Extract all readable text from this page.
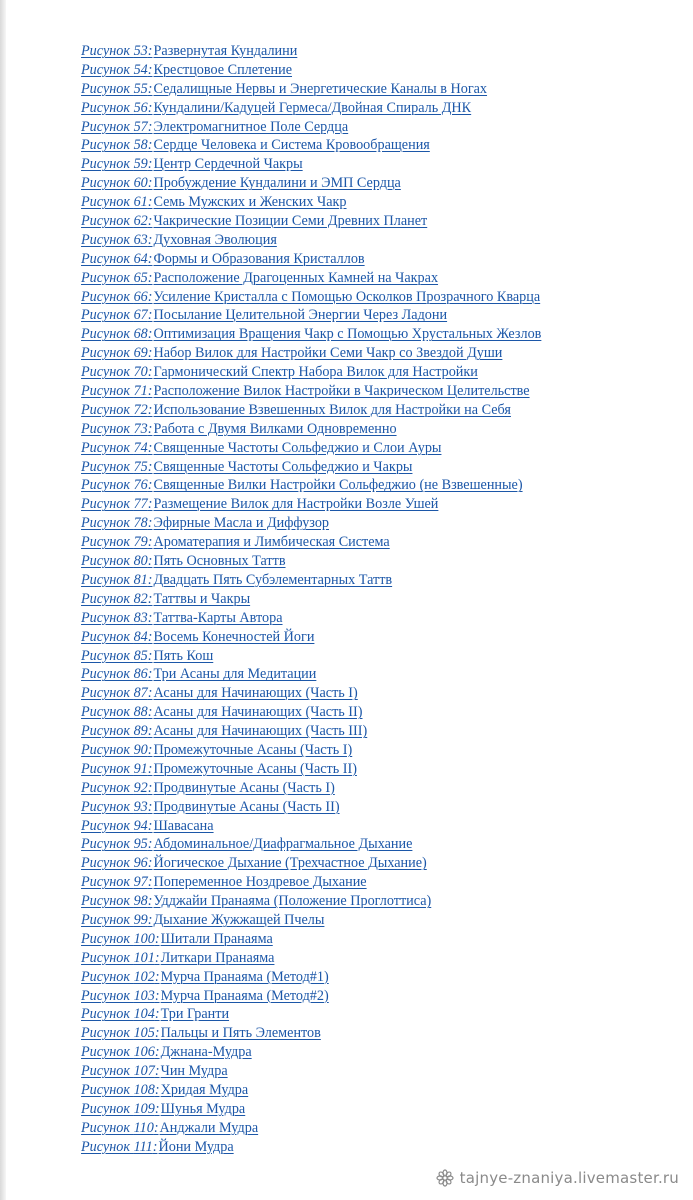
Рисунок 53:Развернутая Кундалини
Рисунок 54:Крестцовое Сплетение
Рисунок 55:Седалищные Нервы и Энергетические Каналы в Ногах
Рисунок 56:Кундалини/Кадуцей Гермеса/Двойная Спираль ДНК
Рисунок 57:Электромагнитное Поле Сердца
Рисунок 58:Сердце Человека и Система Кровообращения
Рисунок 59:Центр Сердечной Чакры
Рисунок 60:Пробуждение Кундалини и ЭМП Сердца
Рисунок 61:Семь Мужских и Женских Чакр
Рисунок 62:Чакрические Позиции Семи Древних Планет
Рисунок 63:Духовная Эволюция
Рисунок 64:Формы и Образования Кристаллов
Рисунок 65:Расположение Драгоценных Камней на Чакрах
Рисунок 66:Усиление Кристалла с Помощью Осколков Прозрачного Кварца
Рисунок 67:Посылание Целительной Энергии Через Ладони
Рисунок 68:Оптимизация Вращения Чакр с Помощью Хрустальных Жезлов
Рисунок 69:Набор Вилок для Настройки Семи Чакр со Звездой Души
Рисунок 70:Гармонический Спектр Набора Вилок для Настройки
Рисунок 71:Расположение Вилок Настройки в Чакрическом Целительстве
Рисунок 72:Использование Взвешенных Вилок для Настройки на Себя
Рисунок 73:Работа с Двумя Вилками Одновременно
Рисунок 74:Священные Частоты Сольфеджио и Слои Ауры
Рисунок 75:Священные Частоты Сольфеджио и Чакры
Рисунок 76:Священные Вилки Настройки Сольфеджио (не Взвешенные)
Рисунок 77:Размещение Вилок для Настройки Возле Ушей
Рисунок 78:Эфирные Масла и Диффузор
Рисунок 79:Ароматерапия и Лимбическая Система
Рисунок 80:Пять Основных Таттв
Рисунок 81:Двадцать Пять Субэлементарных Таттв
Рисунок 82:Таттвы и Чакры
Рисунок 83:Таттва-Карты Автора
Рисунок 84:Восемь Конечностей Йоги
Рисунок 85:Пять Кош
Рисунок 86:Три Асаны для Медитации
Рисунок 87:Асаны для Начинающих (Часть I)
Рисунок 88:Асаны для Начинающих (Часть II)
Рисунок 89:Асаны для Начинающих (Часть III)
Рисунок 90:Промежуточные Асаны (Часть I)
Рисунок 91:Промежуточные Асаны (Часть II)
Рисунок 92:Продвинутые Асаны (Часть I)
Рисунок 93:Продвинутые Асаны (Часть II)
Рисунок 94:Шавасана
Рисунок 95:Абдоминальное/Диафрагмальное Дыхание
Рисунок 96:Йогическое Дыхание (Трехчастное Дыхание)
Рисунок 97:Попеременное Ноздревое Дыхание
Рисунок 98:Удджайи Пранаяма (Положение Проглоттиса)
Рисунок 99:Дыхание Жужжащей Пчелы
Рисунок 100:Шитали Пранаяма
Рисунок 101:Литкари Пранаяма
Рисунок 102:Мурча Пранаяма (Метод#1)
Рисунок 103:Мурча Пранаяма (Метод#2)
Рисунок 104:Три Гранти
Рисунок 105:Пальцы и Пять Элементов
Рисунок 106:Джнана-Мудра
Рисунок 107:Чин Мудра
Рисунок 108:Хридая Мудра
Рисунок 109:Шунья Мудра
Рисунок 110:Анджали Мудра
Рисунок 111:Йони Мудра
tajnye-znaniya.livemaster.ru
